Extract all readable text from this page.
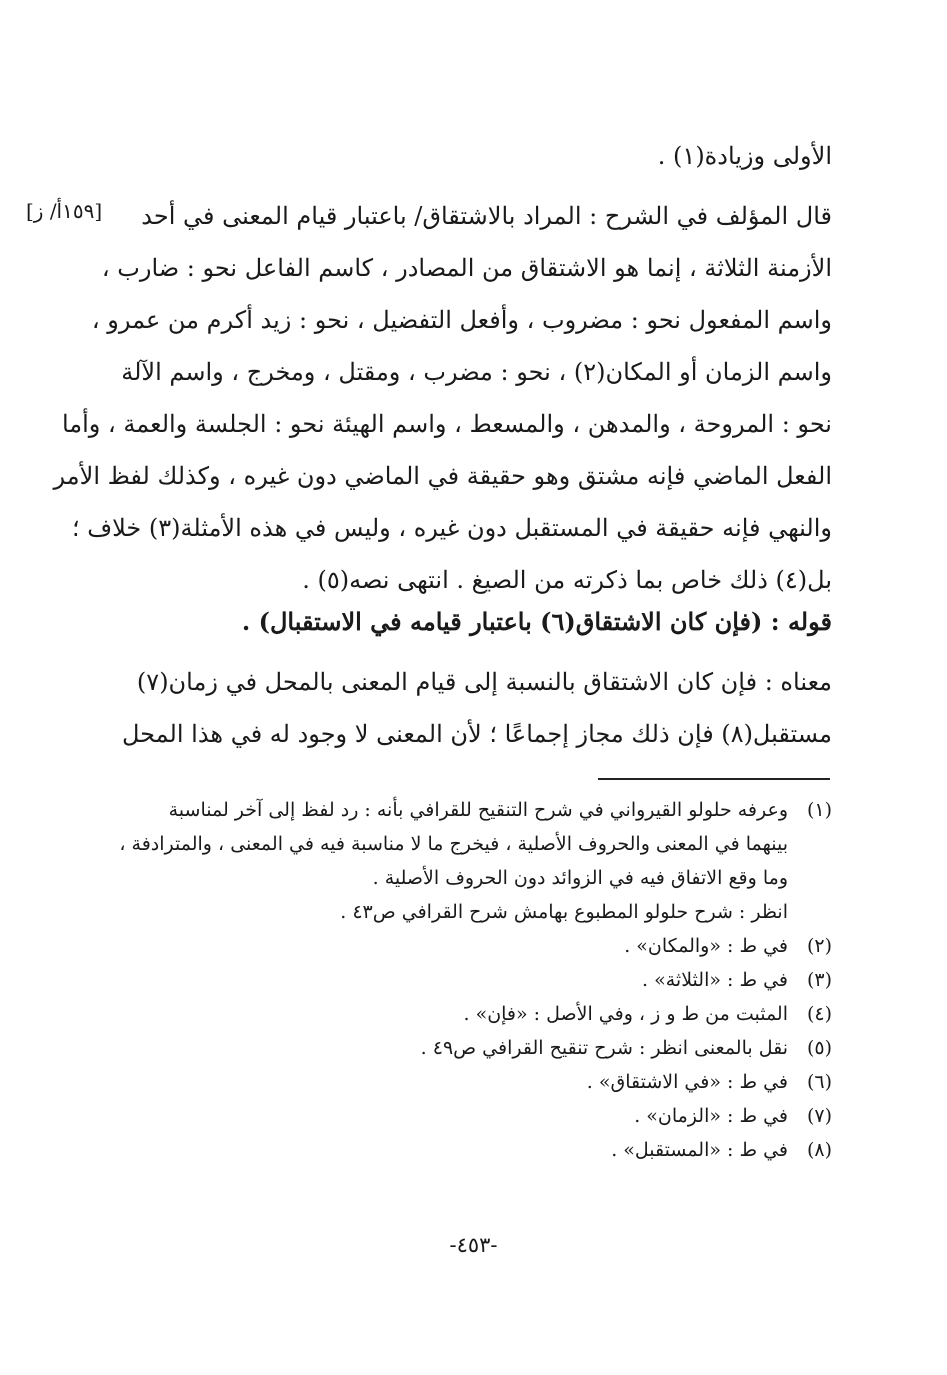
الأولى وزيادة(١) .
[١٥٩أ/ ز]	قال المؤلف في الشرح : المراد بالاشتقاق/ باعتبار قيام المعنى في أحد
الأزمنة الثلاثة ، إنما هو الاشتقاق من المصادر ، كاسم الفاعل نحو : ضارب ،
واسم المفعول نحو : مضروب ، وأفعل التفضيل ، نحو : زيد أكرم من عمرو ،
واسم الزمان أو المكان(٢) ، نحو : مضرب ، ومقتل ، ومخرج ، واسم الآلة
نحو : المروحة ، والمدهن ، والمسعط ، واسم الهيئة نحو : الجلسة والعمة ، وأما
الفعل الماضي فإنه مشتق وهو حقيقة في الماضي دون غيره ، وكذلك لفظ الأمر
والنهي فإنه حقيقة في المستقبل دون غيره ، وليس في هذه الأمثلة(٣) خلاف ؛
بل(٤) ذلك خاص بما ذكرته من الصيغ . انتهى نصه(٥) .
قوله : (فإن كان الاشتقاق(٦) باعتبار قيامه في الاستقبال) .
معناه : فإن كان الاشتقاق بالنسبة إلى قيام المعنى بالمحل في زمان(٧)
مستقبل(٨) فإن ذلك مجاز إجماعًا ؛ لأن المعنى لا وجود له في هذا المحل
(١)وعرفه حلولو القيرواني في شرح التنقيح للقرافي بأنه : رد لفظ إلى آخر لمناسبة
بينهما في المعنى والحروف الأصلية ، فيخرج ما لا مناسبة فيه في المعنى ، والمترادفة ،
وما وقع الاتفاق فيه في الزوائد دون الحروف الأصلية .
انظر : شرح حلولو المطبوع بهامش شرح القرافي ص٤٣ .
(٢)في ط : «والمكان» .
(٣)في ط : «الثلاثة» .
(٤)المثبت من ط و ز ، وفي الأصل : «فإن» .
(٥)نقل بالمعنى انظر : شرح تنقيح القرافي ص٤٩ .
(٦)في ط : «في الاشتقاق» .
(٧)في ط : «الزمان» .
(٨)في ط : «المستقبل» .
-٤٥٣-
